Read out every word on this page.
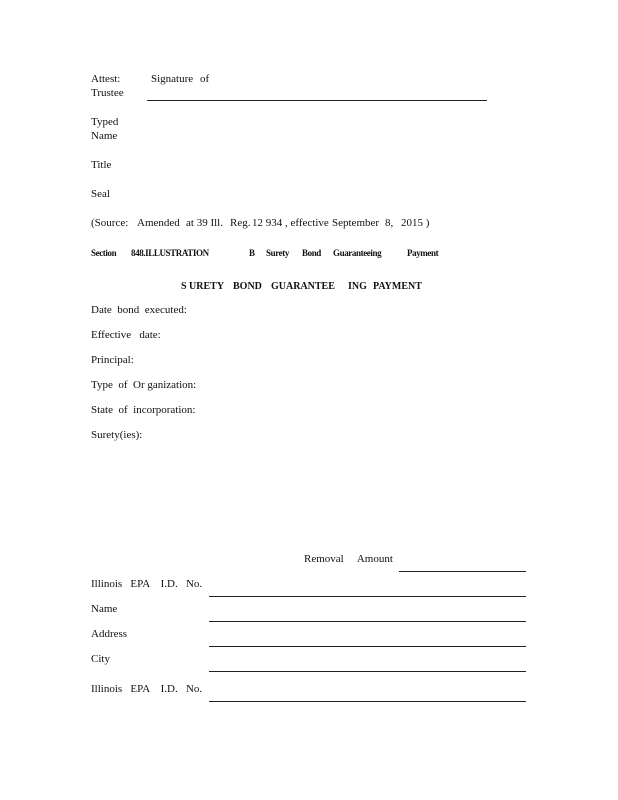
Attest:
Trustee
Signature of
Typed
Name
Title
Seal
(Source: Amended at 39 Ill. Reg. 12 934 , effective September 8, 2015 )
Section 848.ILLUSTRATION	B Surety Bond Guaranteeing	Payment
S URETY BOND GUARANTEE ING PAYMENT
Date  bond  executed:
Effective   date:
Principal:
Type  of  Or ganization:
State  of  incorporation:
Surety(ies):
Removal     Amount
Illinois   EPA    I.D.   No.
Name
Address
City
Illinois   EPA    I.D.   No.
